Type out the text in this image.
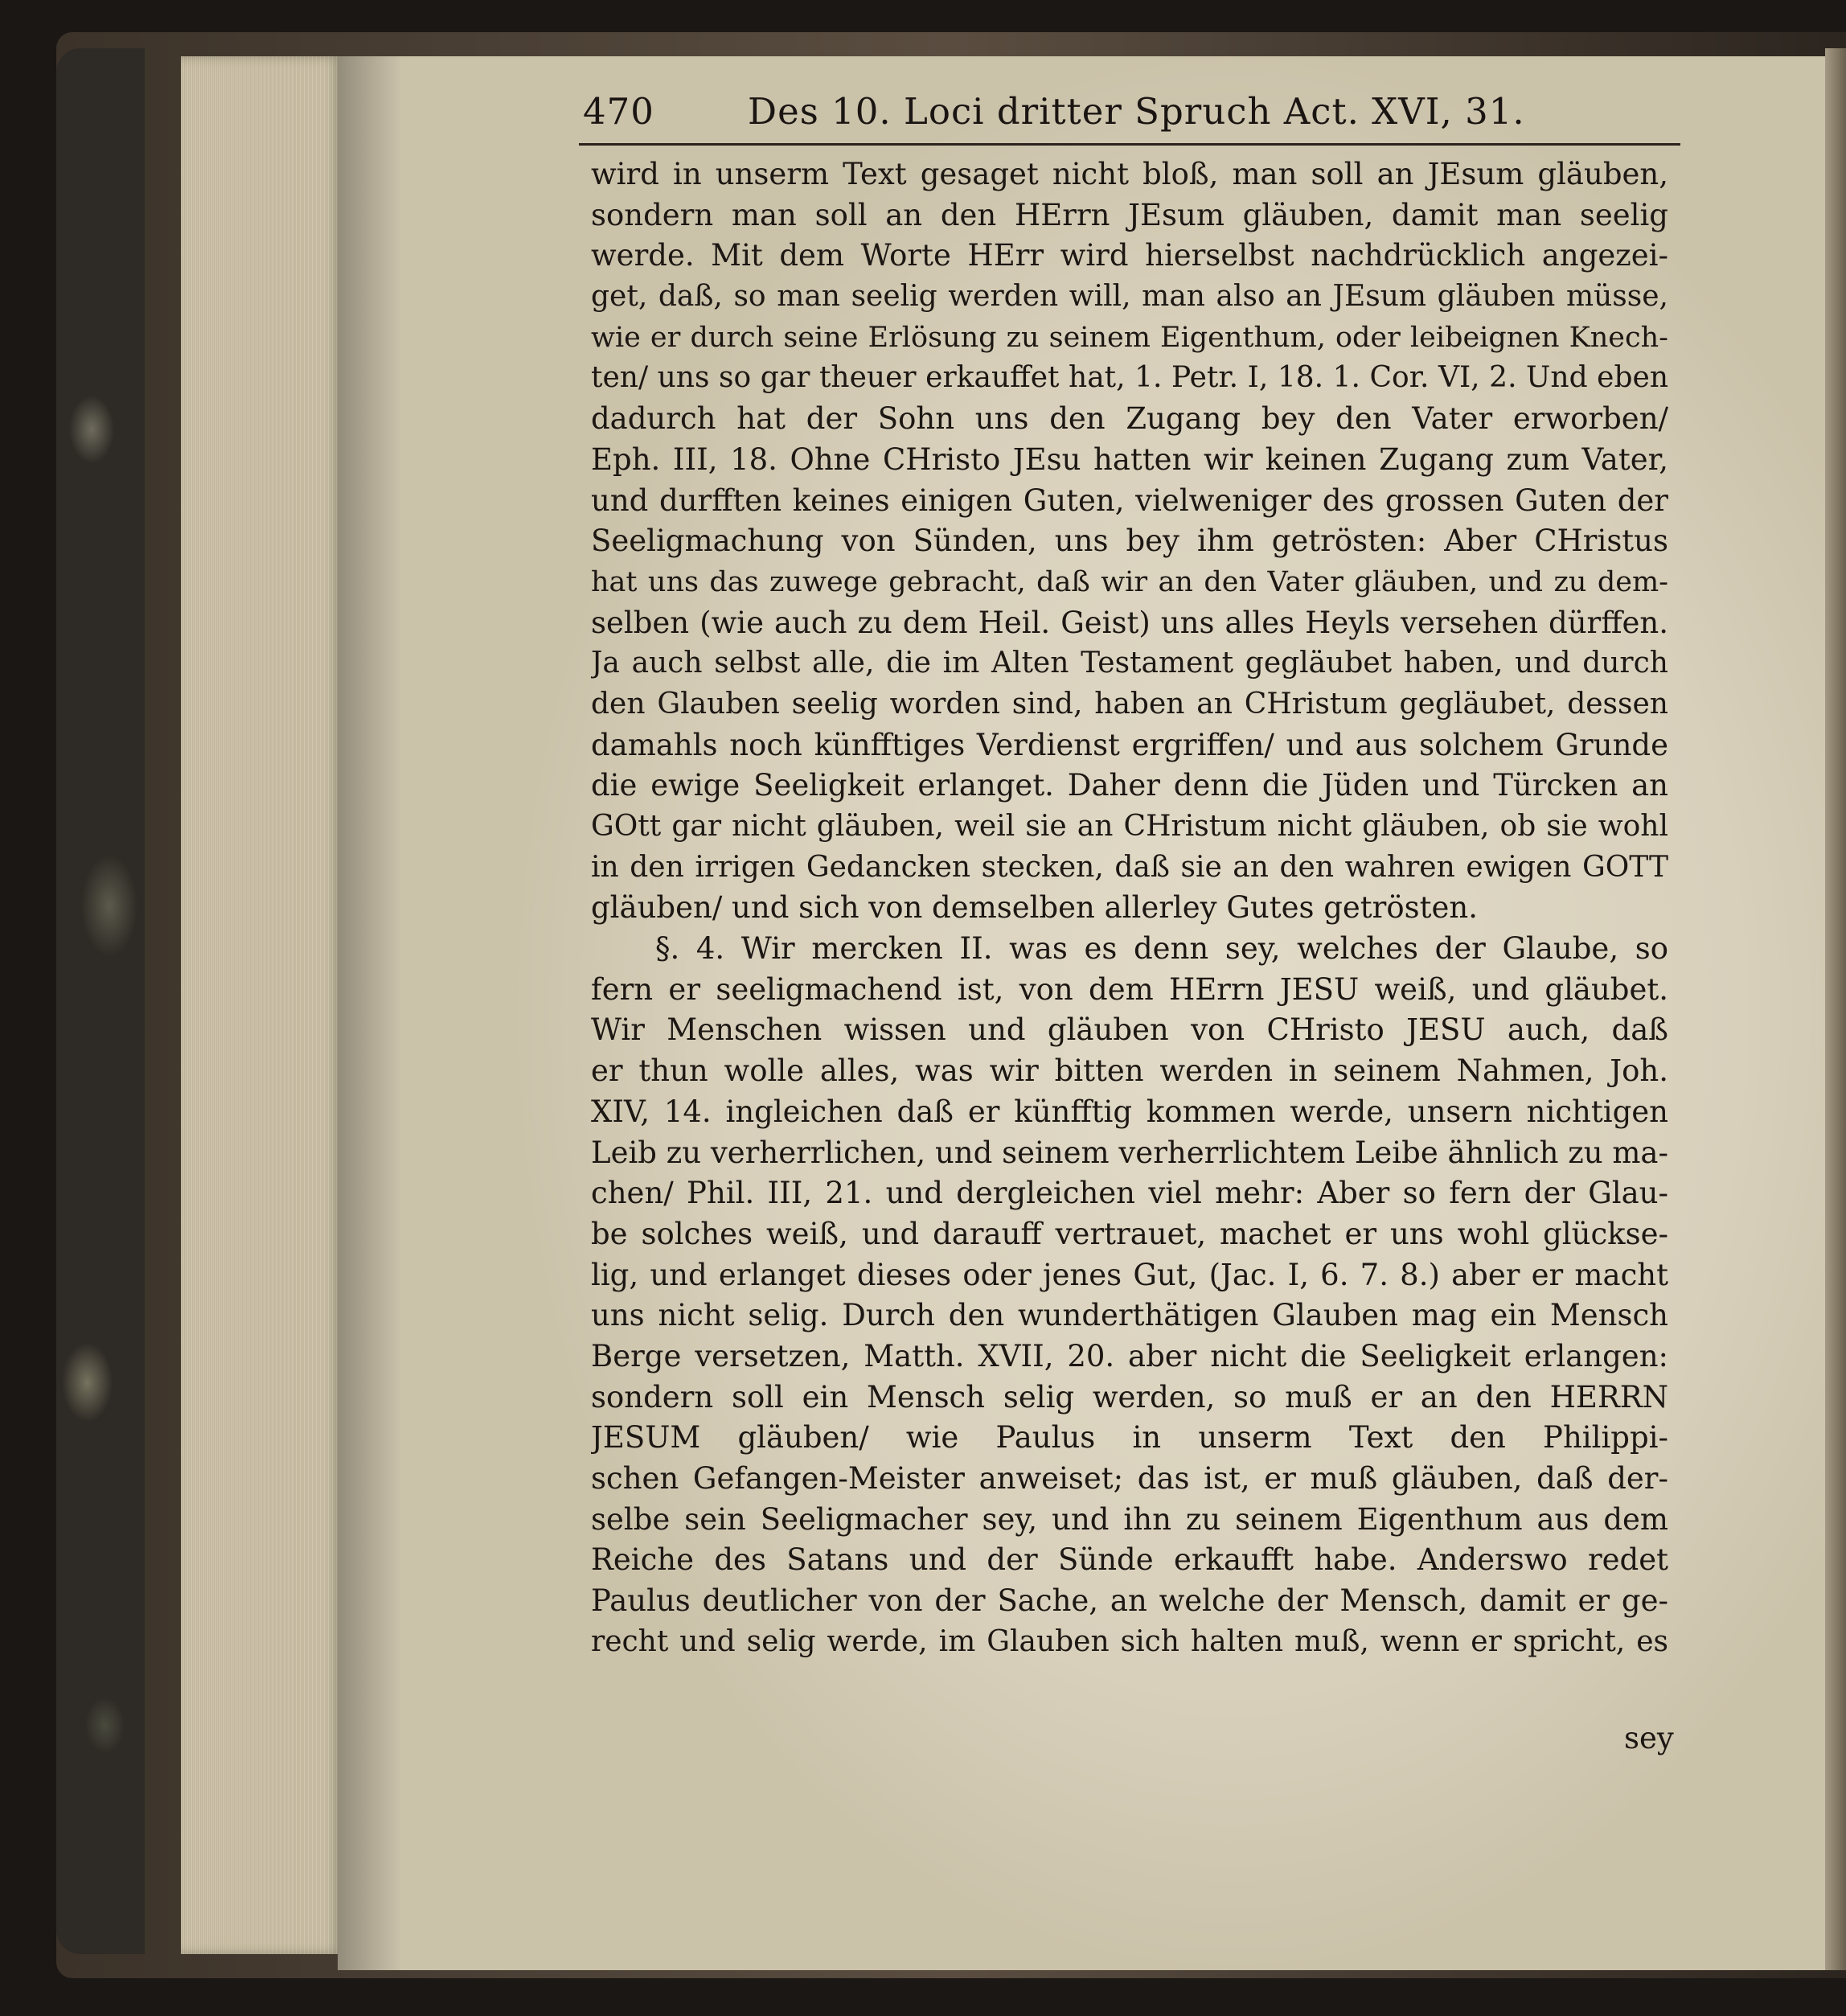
470	Des 10. Loci dritter Spruch Act. XVI, 31.
wird in unserm Text gesaget nicht bloß, man soll an JEsum gläuben,
sondern man soll an den HErrn JEsum gläuben, damit man seelig
werde. Mit dem Worte HErr wird hierselbst nachdrücklich angezei-
get, daß, so man seelig werden will, man also an JEsum gläuben müsse,
wie er durch seine Erlösung zu seinem Eigenthum, oder leibeignen Knech-
ten/ uns so gar theuer erkauffet hat, 1. Petr. I, 18. 1. Cor. VI, 2. Und eben
dadurch hat der Sohn uns den Zugang bey den Vater erworben/
Eph. III, 18. Ohne CHristo JEsu hatten wir keinen Zugang zum Vater,
und durfften keines einigen Guten, vielweniger des grossen Guten der
Seeligmachung von Sünden, uns bey ihm getrösten: Aber CHristus
hat uns das zuwege gebracht, daß wir an den Vater gläuben, und zu dem-
selben (wie auch zu dem Heil. Geist) uns alles Heyls versehen dürffen.
Ja auch selbst alle, die im Alten Testament gegläubet haben, und durch
den Glauben seelig worden sind, haben an CHristum gegläubet, dessen
damahls noch künfftiges Verdienst ergriffen/ und aus solchem Grunde
die ewige Seeligkeit erlanget. Daher denn die Jüden und Türcken an
GOtt gar nicht gläuben, weil sie an CHristum nicht gläuben, ob sie wohl
in den irrigen Gedancken stecken, daß sie an den wahren ewigen GOTT
gläuben/ und sich von demselben allerley Gutes getrösten.
§. 4. Wir mercken II. was es denn sey, welches der Glaube, so
fern er seeligmachend ist, von dem HErrn JESU weiß, und gläubet.
Wir Menschen wissen und gläuben von CHristo JESU auch, daß
er thun wolle alles, was wir bitten werden in seinem Nahmen, Joh.
XIV, 14. ingleichen daß er künfftig kommen werde, unsern nichtigen
Leib zu verherrlichen, und seinem verherrlichtem Leibe ähnlich zu ma-
chen/ Phil. III, 21. und dergleichen viel mehr: Aber so fern der Glau-
be solches weiß, und darauff vertrauet, machet er uns wohl glückse-
lig, und erlanget dieses oder jenes Gut, (Jac. I, 6. 7. 8.) aber er macht
uns nicht selig. Durch den wunderthätigen Glauben mag ein Mensch
Berge versetzen, Matth. XVII, 20. aber nicht die Seeligkeit erlangen:
sondern soll ein Mensch selig werden, so muß er an den HERRN
JESUM gläuben/ wie Paulus in unserm Text den Philippi-
schen Gefangen-Meister anweiset; das ist, er muß gläuben, daß der-
selbe sein Seeligmacher sey, und ihn zu seinem Eigenthum aus dem
Reiche des Satans und der Sünde erkaufft habe. Anderswo redet
Paulus deutlicher von der Sache, an welche der Mensch, damit er ge-
recht und selig werde, im Glauben sich halten muß, wenn er spricht, es
sey
